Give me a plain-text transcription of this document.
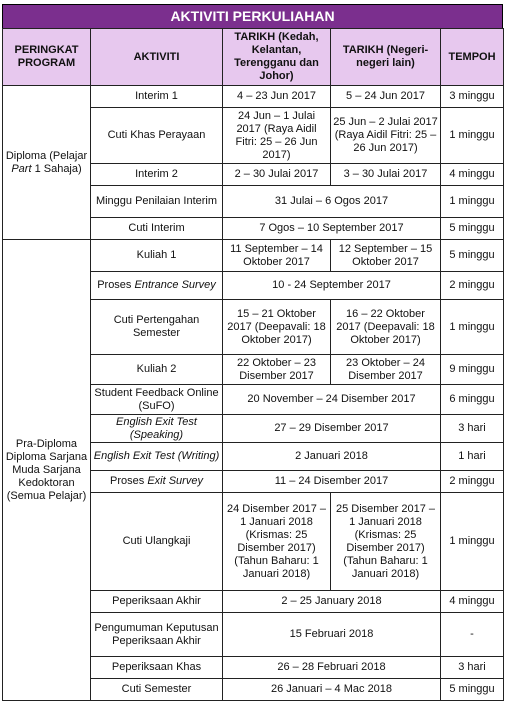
AKTIVITI PERKULIAHAN
PERINGKAT PROGRAM	AKTIVITI	TARIKH (Kedah, Kelantan, Terengganu dan Johor)	TARIKH (Negeri-negeri lain)	TEMPOH
Diploma (Pelajar Part 1 Sahaja)	Interim 1	4 – 23 Jun 2017	5 – 24 Jun 2017	3 minggu
	Cuti Khas Perayaan	24 Jun – 1 Julai 2017 (Raya Aidil Fitri: 25 – 26 Jun 2017)	25 Jun – 2 Julai 2017 (Raya Aidil Fitri: 25 – 26 Jun 2017)	1 minggu
	Interim 2	2 – 30 Julai 2017	3 – 30 Julai 2017	4 minggu
	Minggu Penilaian Interim	31 Julai – 6 Ogos 2017		1 minggu
	Cuti Interim	7 Ogos – 10 September 2017		5 minggu
Pra-Diploma Diploma Sarjana Muda Sarjana Kedoktoran (Semua Pelajar)	Kuliah 1	11 September – 14 Oktober 2017	12 September – 15 Oktober 2017	5 minggu
	Proses Entrance Survey	10 - 24 September 2017		2 minggu
	Cuti Pertengahan Semester	15 – 21 Oktober 2017 (Deepavali: 18 Oktober 2017)	16 – 22 Oktober 2017 (Deepavali: 18 Oktober 2017)	1 minggu
	Kuliah 2	22 Oktober – 23 Disember 2017	23 Oktober – 24 Disember 2017	9 minggu
	Student Feedback Online (SuFO)	20 November – 24 Disember 2017		6 minggu
	English Exit Test (Speaking)	27 – 29 Disember 2017		3 hari
	English Exit Test (Writing)	2 Januari 2018		1 hari
	Proses Exit Survey	11 – 24 Disember 2017		2 minggu
	Cuti Ulangkaji	24 Disember 2017 – 1 Januari 2018 (Krismas: 25 Disember 2017) (Tahun Baharu: 1 Januari 2018)	25 Disember 2017 – 1 Januari 2018 (Krismas: 25 Disember 2017) (Tahun Baharu: 1 Januari 2018)	1 minggu
	Peperiksaan Akhir	2 – 25 January 2018		4 minggu
	Pengumuman Keputusan Peperiksaan Akhir	15 Februari 2018		-
	Peperiksaan Khas	26 – 28 Februari 2018		3 hari
	Cuti Semester	26 Januari – 4 Mac 2018		5 minggu
